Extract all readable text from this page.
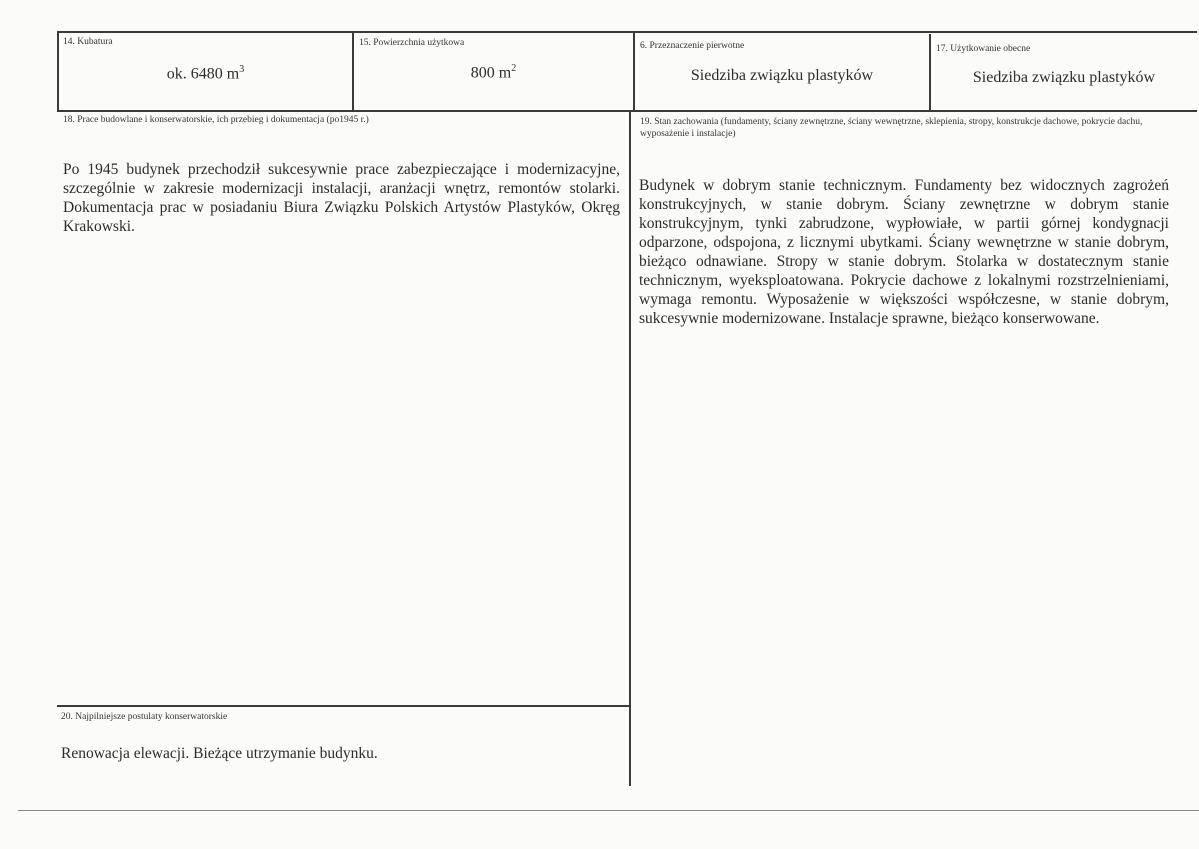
14. Kubatura
ok. 6480 $m^3$
15. Powierzchnia użytkowa
800 $m^2$
6. Przeznaczenie pierwotne
Siedziba związku plastyków
17. Użytkowanie obecne
Siedziba związku plastyków
18. Prace budowlane i konserwatorskie, ich przebieg i dokumentacja (po1945 r.)
Po 1945 budynek przechodził sukcesywnie prace zabezpieczające i modernizacyjne, szczególnie w zakresie modernizacji instalacji, aranżacji wnętrz, remontów stolarki. Dokumentacja prac w posiadaniu Biura Związku Polskich Artystów Plastyków, Okręg Krakowski.
19. Stan zachowania (fundamenty, ściany zewnętrzne, ściany wewnętrzne, sklepienia, stropy, konstrukcje dachowe, pokrycie dachu, wyposażenie i instalacje)
Budynek w dobrym stanie technicznym. Fundamenty bez widocznych zagrożeń konstrukcyjnych, w stanie dobrym. Ściany zewnętrzne w dobrym stanie konstrukcyjnym, tynki zabrudzone, wypłowiałe, w partii górnej kondygnacji odparzone, odspojona, z licznymi ubytkami. Ściany wewnętrzne w stanie dobrym, bieżąco odnawiane. Stropy w stanie dobrym. Stolarka w dostatecznym stanie technicznym, wyeksploatowana. Pokrycie dachowe z lokalnymi rozstrzelnieniami, wymaga remontu. Wyposażenie w większości współczesne, w stanie dobrym, sukcesywnie modernizowane. Instalacje sprawne, bieżąco konserwowane.
20. Najpilniejsze postulaty konserwatorskie
Renowacja elewacji. Bieżące utrzymanie budynku.
